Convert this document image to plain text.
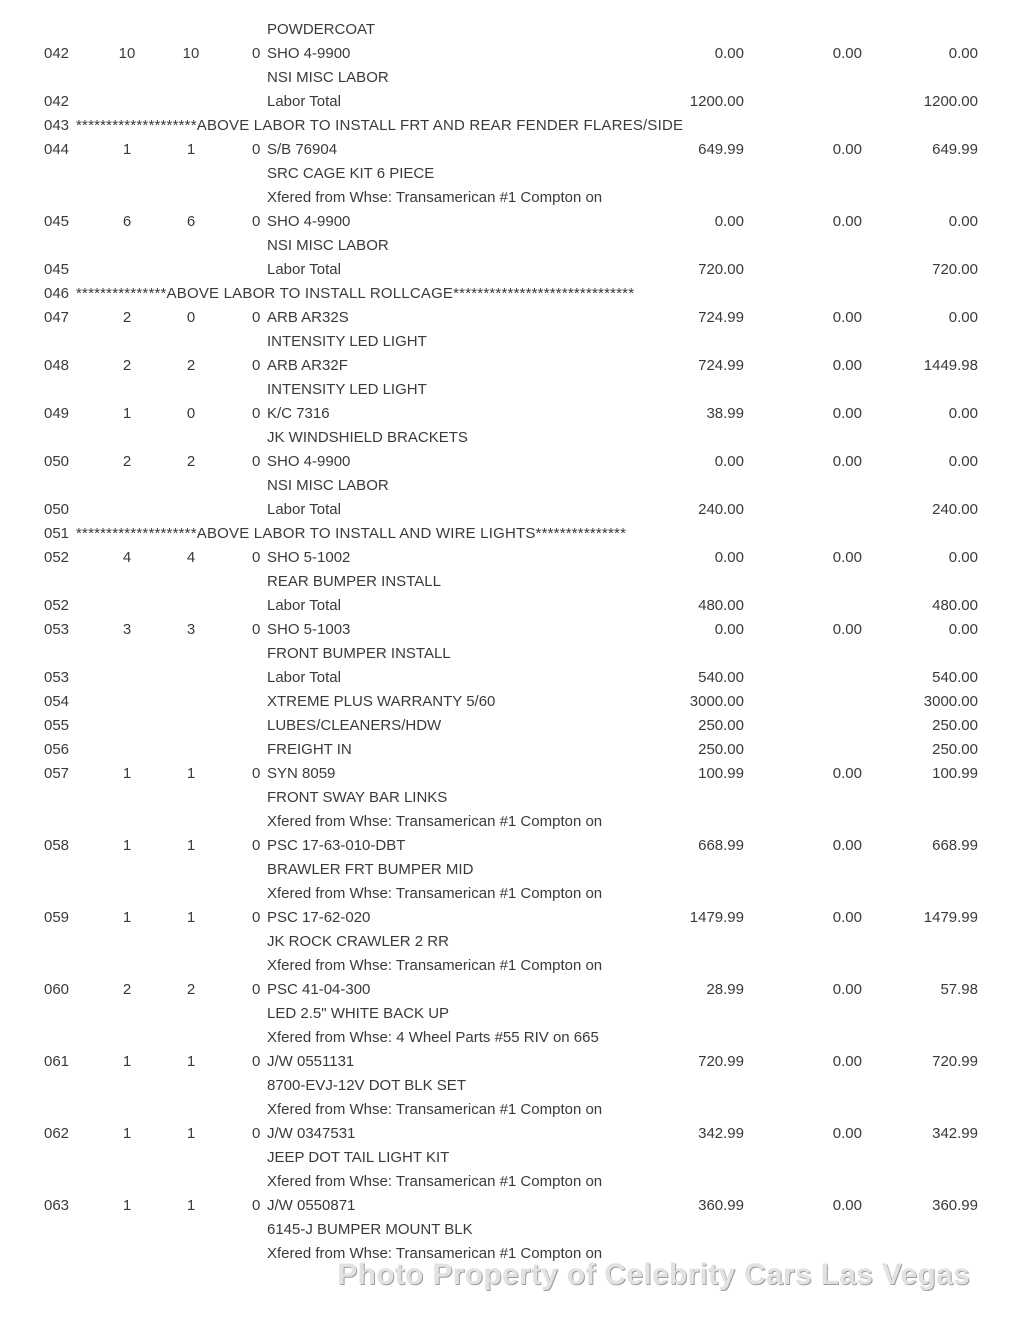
POWDERCOAT
042	10	10	0 SHO 4-9900	0.00	0.00	0.00
NSI MISC LABOR
042	Labor Total	1200.00	1200.00
043 ********************ABOVE LABOR TO INSTALL FRT AND REAR FENDER FLARES/SIDE
044	1	1	0 S/B 76904	649.99	0.00	649.99
SRC CAGE KIT 6 PIECE
Xfered from Whse: Transamerican #1 Compton on
045	6	6	0 SHO 4-9900	0.00	0.00	0.00
NSI MISC LABOR
045	Labor Total	720.00	720.00
046 ***************ABOVE LABOR TO INSTALL ROLLCAGE******************************
047	2	0	0 ARB AR32S	724.99	0.00	0.00
INTENSITY LED LIGHT
048	2	2	0 ARB AR32F	724.99	0.00	1449.98
INTENSITY LED LIGHT
049	1	0	0 K/C 7316	38.99	0.00	0.00
JK WINDSHIELD BRACKETS
050	2	2	0 SHO 4-9900	0.00	0.00	0.00
NSI MISC LABOR
050	Labor Total	240.00	240.00
051 ********************ABOVE LABOR TO INSTALL AND WIRE LIGHTS***************
052	4	4	0 SHO 5-1002	0.00	0.00	0.00
REAR BUMPER INSTALL
052	Labor Total	480.00	480.00
053	3	3	0 SHO 5-1003	0.00	0.00	0.00
FRONT BUMPER INSTALL
053	Labor Total	540.00	540.00
054	XTREME PLUS WARRANTY 5/60	3000.00	3000.00
055	LUBES/CLEANERS/HDW	250.00	250.00
056	FREIGHT IN	250.00	250.00
057	1	1	0 SYN 8059	100.99	0.00	100.99
FRONT SWAY BAR LINKS
Xfered from Whse: Transamerican #1 Compton on
058	1	1	0 PSC 17-63-010-DBT	668.99	0.00	668.99
BRAWLER FRT BUMPER MID
Xfered from Whse: Transamerican #1 Compton on
059	1	1	0 PSC 17-62-020	1479.99	0.00	1479.99
JK ROCK CRAWLER 2 RR
Xfered from Whse: Transamerican #1 Compton on
060	2	2	0 PSC 41-04-300	28.99	0.00	57.98
LED 2.5" WHITE BACK UP
Xfered from Whse: 4 Wheel Parts #55 RIV on 665
061	1	1	0 J/W 0551131	720.99	0.00	720.99
8700-EVJ-12V DOT BLK SET
Xfered from Whse: Transamerican #1 Compton on
062	1	1	0 J/W 0347531	342.99	0.00	342.99
JEEP DOT TAIL LIGHT KIT
Xfered from Whse: Transamerican #1 Compton on
063	1	1	0 J/W 0550871	360.99	0.00	360.99
6145-J BUMPER MOUNT BLK
Xfered from Whse: Transamerican #1 Compton on
Photo Property of Celebrity Cars Las Vegas
